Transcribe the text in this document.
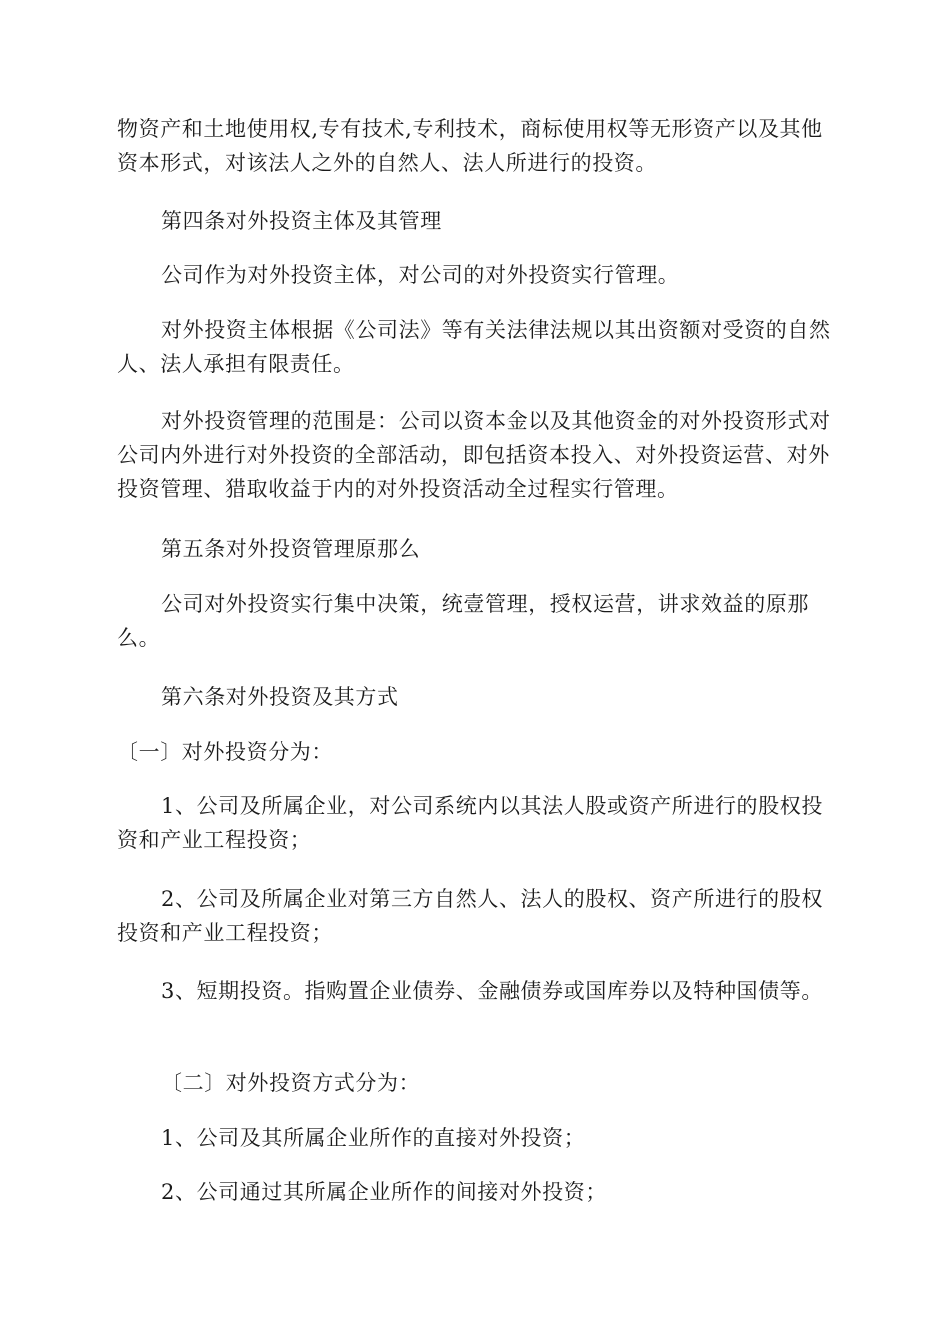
物资产和土地使用权,专有技术,专利技术，商标使用权等无形资产以及其他资本形式，对该法人之外的自然人、法人所进行的投资。

第四条对外投资主体及其管理

公司作为对外投资主体，对公司的对外投资实行管理。

对外投资主体根据《公司法》等有关法律法规以其出资额对受资的自然人、法人承担有限责任。

对外投资管理的范围是：公司以资本金以及其他资金的对外投资形式对公司内外进行对外投资的全部活动，即包括资本投入、对外投资运营、对外投资管理、猎取收益于内的对外投资活动全过程实行管理。

第五条对外投资管理原那么

公司对外投资实行集中决策，统壹管理，授权运营，讲求效益的原那么。

第六条对外投资及其方式

〔一〕对外投资分为：

1、公司及所属企业，对公司系统内以其法人股或资产所进行的股权投资和产业工程投资；

2、公司及所属企业对第三方自然人、法人的股权、资产所进行的股权投资和产业工程投资；

3、短期投资。指购置企业债券、金融债券或国库券以及特种国债等。

〔二〕对外投资方式分为：

1、公司及其所属企业所作的直接对外投资；

2、公司通过其所属企业所作的间接对外投资；
